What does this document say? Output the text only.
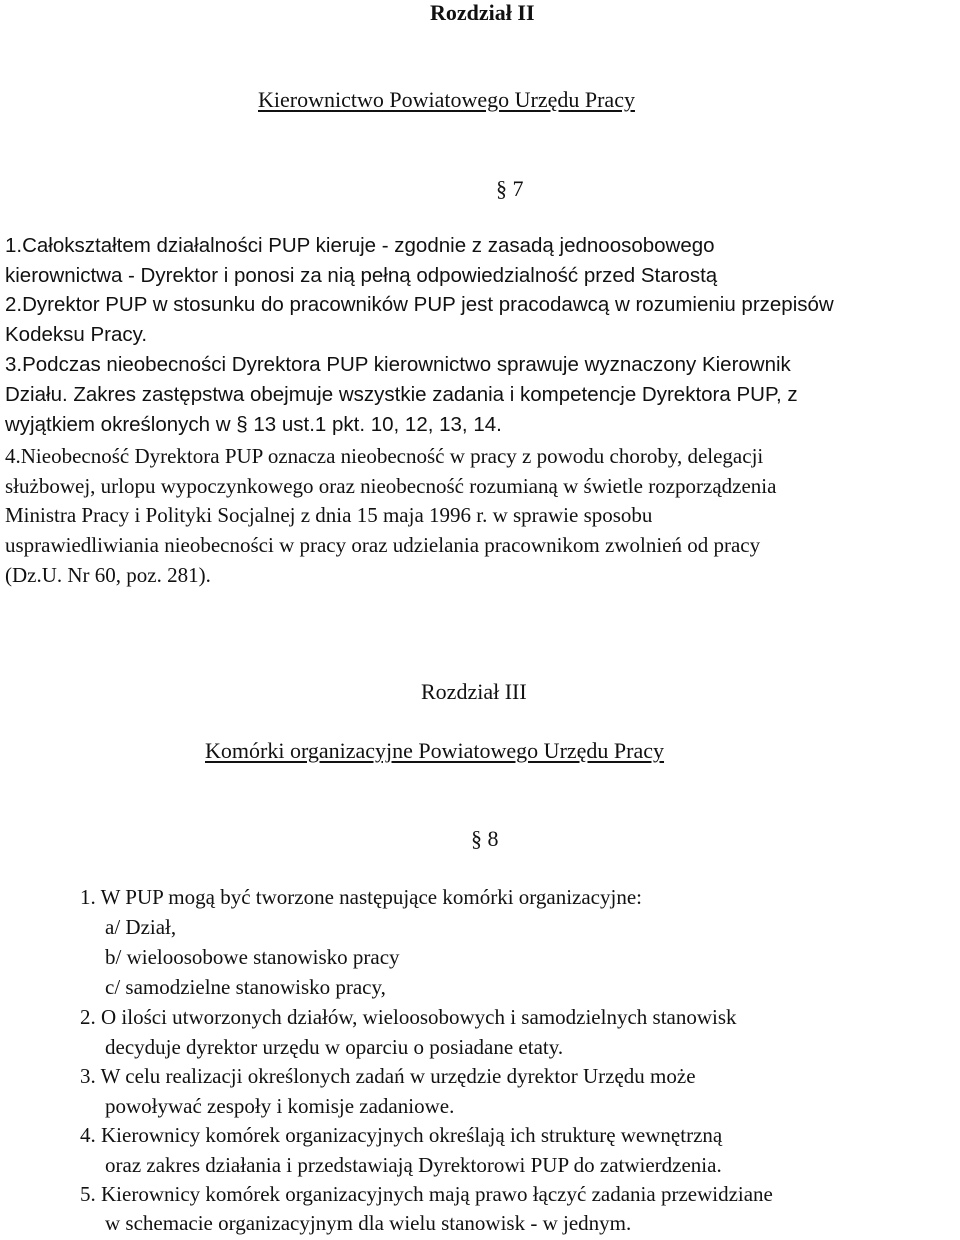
Rozdział II
Kierownictwo Powiatowego Urzędu Pracy
§ 7
1.Całokształtem działalności PUP kieruje - zgodnie z zasadą jednoosobowego
kierownictwa - Dyrektor i ponosi za nią pełną odpowiedzialność przed Starostą
2.Dyrektor PUP w stosunku do pracowników PUP jest pracodawcą w rozumieniu przepisów
Kodeksu Pracy.
3.Podczas nieobecności Dyrektora PUP kierownictwo sprawuje wyznaczony Kierownik
Działu. Zakres zastępstwa obejmuje wszystkie zadania i kompetencje Dyrektora PUP, z
wyjątkiem określonych w § 13 ust.1 pkt. 10, 12, 13, 14.
4.Nieobecność Dyrektora PUP oznacza nieobecność w pracy z powodu choroby, delegacji
służbowej, urlopu wypoczynkowego oraz nieobecność rozumianą w świetle rozporządzenia
Ministra Pracy i Polityki Socjalnej z dnia 15 maja 1996 r. w sprawie sposobu
usprawiedliwiania nieobecności w pracy oraz udzielania pracownikom zwolnień od pracy
(Dz.U. Nr 60, poz. 281).
Rozdział III
Komórki organizacyjne Powiatowego Urzędu Pracy
§ 8
1. W PUP mogą być tworzone następujące komórki organizacyjne:
a/ Dział,
b/ wieloosobowe stanowisko pracy
c/ samodzielne stanowisko pracy,
2. O ilości utworzonych działów, wieloosobowych i samodzielnych stanowisk
decyduje dyrektor urzędu w oparciu o posiadane etaty.
3. W celu realizacji określonych zadań w urzędzie dyrektor Urzędu może
powoływać zespoły i komisje zadaniowe.
4. Kierownicy komórek organizacyjnych określają ich strukturę wewnętrzną
oraz zakres działania i przedstawiają Dyrektorowi PUP do zatwierdzenia.
5. Kierownicy komórek organizacyjnych mają prawo łączyć zadania przewidziane
w schemacie organizacyjnym dla wielu stanowisk - w jednym.
